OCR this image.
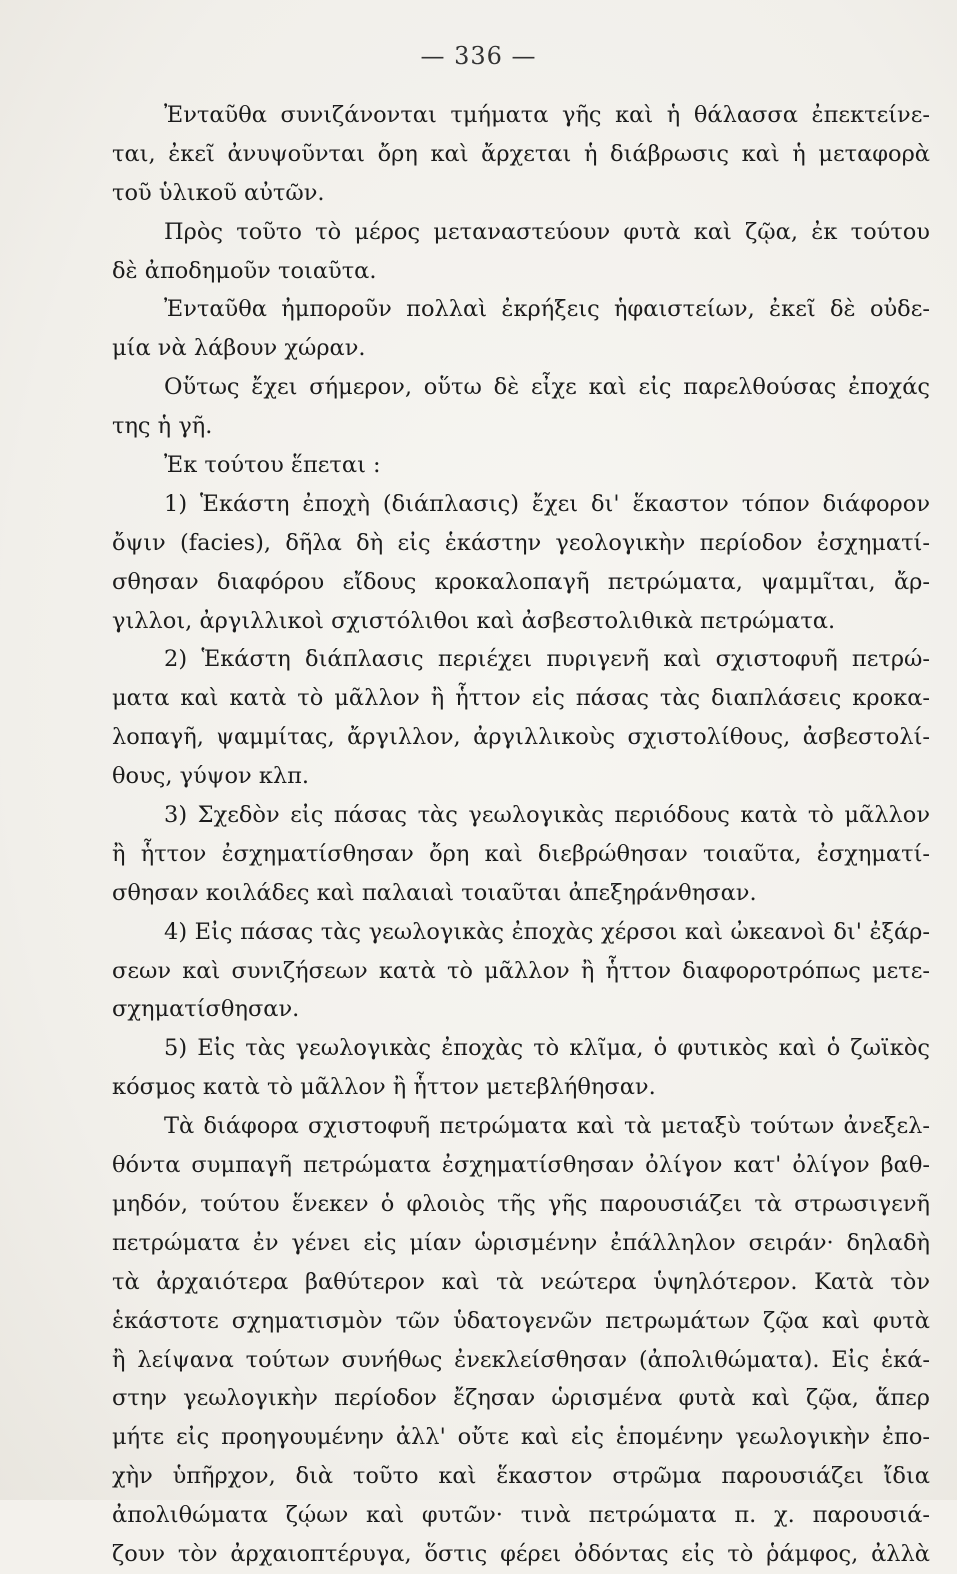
— 336 —
Ἐνταῦθα συνιζάνονται τμήματα γῆς καὶ ἡ θάλασσα ἐπεκτείνε-
ται, ἐκεῖ ἀνυψοῦνται ὄρη καὶ ἄρχεται ἡ διάβρωσις καὶ ἡ μεταφορὰ
τοῦ ὑλικοῦ αὐτῶν.
Πρὸς τοῦτο τὸ μέρος μεταναστεύουν φυτὰ καὶ ζῷα, ἐκ τούτου
δὲ ἀποδημοῦν τοιαῦτα.
Ἐνταῦθα ἠμποροῦν πολλαὶ ἐκρήξεις ἡφαιστείων, ἐκεῖ δὲ οὐδε-
μία νὰ λάβουν χώραν.
Οὕτως ἔχει σήμερον, οὕτω δὲ εἶχε καὶ εἰς παρελθούσας ἐποχάς
της ἡ γῆ.
Ἐκ τούτου ἕπεται :
1) Ἑκάστη ἐποχὴ (διάπλασις) ἔχει δι' ἕκαστον τόπον διάφορον
ὄψιν (facies), δῆλα δὴ εἰς ἑκάστην γεολογικὴν περίοδον ἐσχηματί-
σθησαν διαφόρου εἴδους κροκαλοπαγῆ πετρώματα, ψαμμῖται, ἄρ-
γιλλοι, ἀργιλλικοὶ σχιστόλιθοι καὶ ἀσβεστολιθικὰ πετρώματα.
2) Ἑκάστη διάπλασις περιέχει πυριγενῆ καὶ σχιστοφυῆ πετρώ-
ματα καὶ κατὰ τὸ μᾶλλον ἢ ἧττον εἰς πάσας τὰς διαπλάσεις κροκα-
λοπαγῆ, ψαμμίτας, ἄργιλλον, ἀργιλλικοὺς σχιστολίθους, ἀσβεστολί-
θους, γύψον κλπ.
3) Σχεδὸν εἰς πάσας τὰς γεωλογικὰς περιόδους κατὰ τὸ μᾶλλον
ἢ ἧττον ἐσχηματίσθησαν ὄρη καὶ διεβρώθησαν τοιαῦτα, ἐσχηματί-
σθησαν κοιλάδες καὶ παλαιαὶ τοιαῦται ἀπεξηράνθησαν.
4) Εἰς πάσας τὰς γεωλογικὰς ἐποχὰς χέρσοι καὶ ὠκεανοὶ δι' ἐξάρ-
σεων καὶ συνιζήσεων κατὰ τὸ μᾶλλον ἢ ἧττον διαφοροτρόπως μετε-
σχηματίσθησαν.
5) Εἰς τὰς γεωλογικὰς ἐποχὰς τὸ κλῖμα, ὁ φυτικὸς καὶ ὁ ζωϊκὸς
κόσμος κατὰ τὸ μᾶλλον ἢ ἧττον μετεβλήθησαν.
Τὰ διάφορα σχιστοφυῆ πετρώματα καὶ τὰ μεταξὺ τούτων ἀνεξελ-
θόντα συμπαγῆ πετρώματα ἐσχηματίσθησαν ὀλίγον κατ' ὀλίγον βαθ-
μηδόν, τούτου ἕνεκεν ὁ φλοιὸς τῆς γῆς παρουσιάζει τὰ στρωσιγενῆ
πετρώματα ἐν γένει εἰς μίαν ὡρισμένην ἐπάλληλον σειράν· δηλαδὴ
τὰ ἀρχαιότερα βαθύτερον καὶ τὰ νεώτερα ὑψηλότερον. Κατὰ τὸν
ἑκάστοτε σχηματισμὸν τῶν ὑδατογενῶν πετρωμάτων ζῷα καὶ φυτὰ
ἢ λείψανα τούτων συνήθως ἐνεκλείσθησαν (ἀπολιθώματα). Εἰς ἑκά-
στην γεωλογικὴν περίοδον ἔζησαν ὡρισμένα φυτὰ καὶ ζῷα, ἅπερ
μήτε εἰς προηγουμένην ἀλλ' οὔτε καὶ εἰς ἑπομένην γεωλογικὴν ἐπο-
χὴν ὑπῆρχον, διὰ τοῦτο καὶ ἕκαστον στρῶμα παρουσιάζει ἴδια
ἀπολιθώματα ζῴων καὶ φυτῶν· τινὰ πετρώματα π. χ. παρουσιά-
ζουν τὸν ἀρχαιοπτέρυγα, ὅστις φέρει ὀδόντας εἰς τὸ ῥάμφος, ἀλλὰ
